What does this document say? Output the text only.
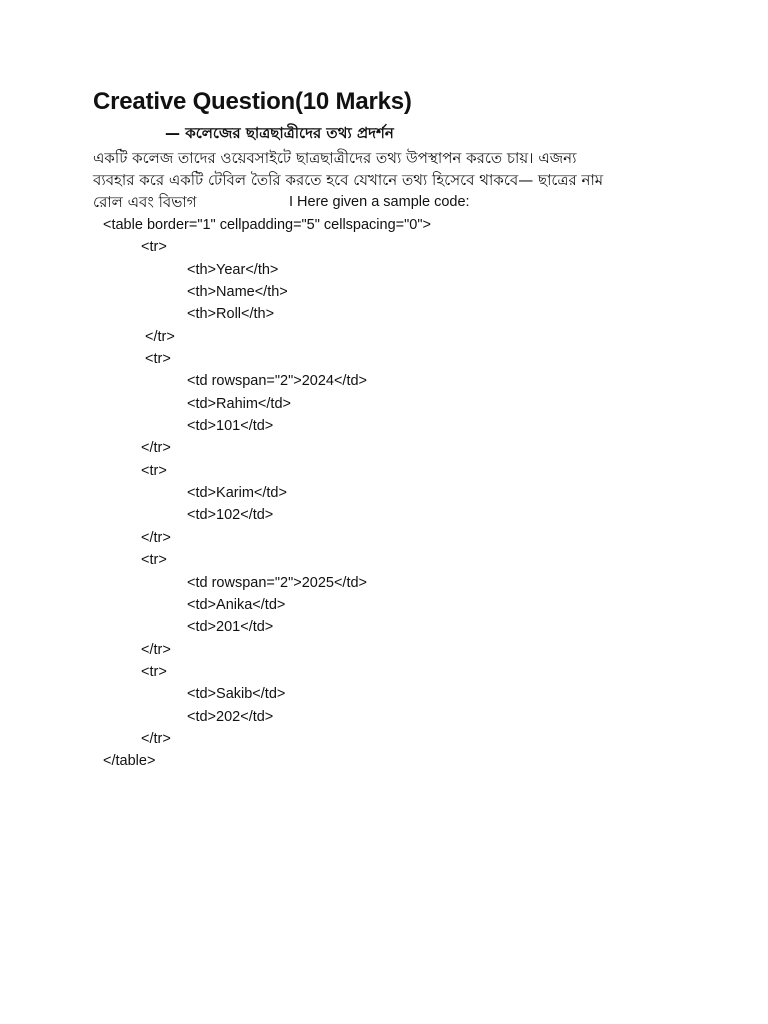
Creative Question(10 Marks)
— কলেজের ছাত্রছাত্রীদের তথ্য প্রদর্শন
একটি কলেজ তাদের ওয়েবসাইটে ছাত্রছাত্রীদের তথ্য উপস্থাপন করতে চায়। এজন্য
ব্যবহার করে একটি টেবিল তৈরি করতে হবে যেখানে তথ্য হিসেবে থাকবে— ছাত্রের নাম
রোল এবং বিভাগ	I Here given a sample code:
<table border="1" cellpadding="5" cellspacing="0">
<tr>
<th>Year</th>
<th>Name</th>
<th>Roll</th>
</tr>
<tr>
<td rowspan="2">2024</td>
<td>Rahim</td>
<td>101</td>
</tr>
<tr>
<td>Karim</td>
<td>102</td>
</tr>
<tr>
<td rowspan="2">2025</td>
<td>Anika</td>
<td>201</td>
</tr>
<tr>
<td>Sakib</td>
<td>202</td>
</tr>
</table>
